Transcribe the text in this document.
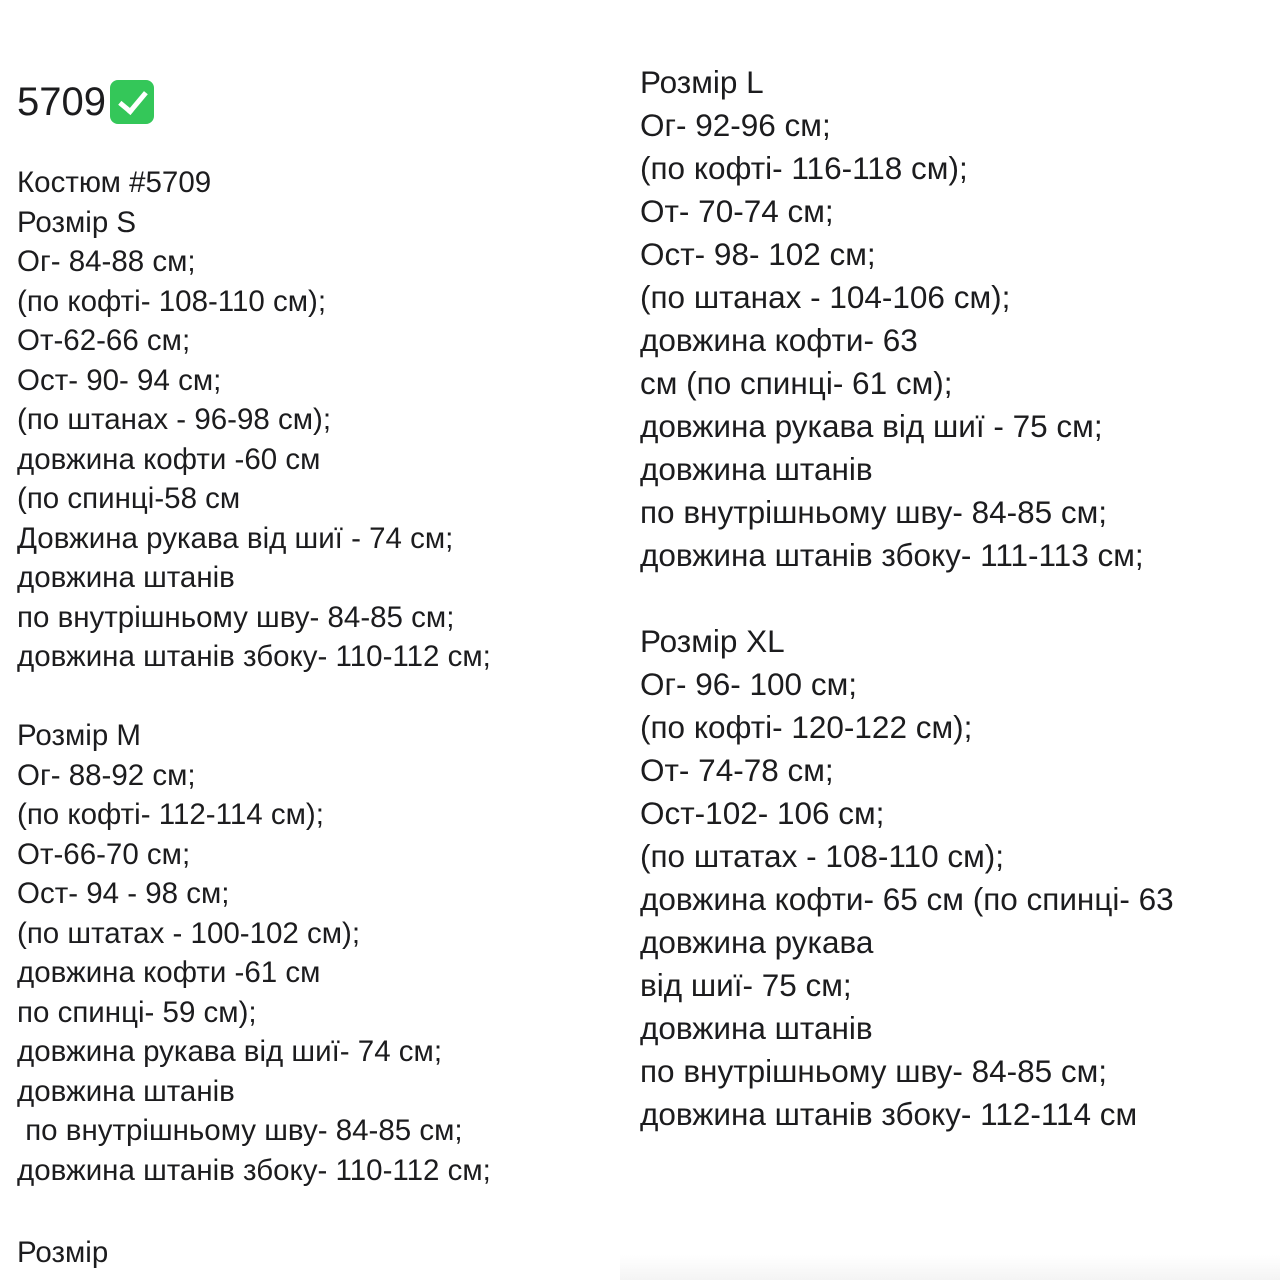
5709
Костюм #5709
Розмір S
Ог- 84-88 см;
(по кофті- 108-110 см);
От-62-66 см;
Ост- 90- 94 см;
(по штанах - 96-98 см);
довжина кофти -60 см
(по спинці-58 см
Довжина рукава від шиї - 74 см;
довжина штанів
по внутрішньому шву- 84-85 см;
довжина штанів збоку- 110-112 см;
Розмір M
Ог- 88-92 см;
(по кофті- 112-114 см);
От-66-70 см;
Ост- 94 - 98 см;
(по штатах - 100-102 см);
довжина кофти -61 см
по спинці- 59 см);
довжина рукава від шиї- 74 см;
довжина штанів
по внутрішньому шву- 84-85 см;
довжина штанів збоку- 110-112 см;
Розмір
Розмір L
Ог- 92-96 см;
(по кофті- 116-118 см);
От- 70-74 см;
Ост- 98- 102 см;
(по штанах - 104-106 см);
довжина кофти- 63
см (по спинці- 61 см);
довжина рукава від шиї - 75 см;
довжина штанів
по внутрішньому шву- 84-85 см;
довжина штанів збоку- 111-113 см;
Розмір XL
Ог- 96- 100 см;
(по кофті- 120-122 см);
От- 74-78 см;
Ост-102- 106 см;
(по штатах - 108-110 см);
довжина кофти- 65 см (по спинці- 63
довжина рукава
від шиї- 75 см;
довжина штанів
по внутрішньому шву- 84-85 см;
довжина штанів збоку- 112-114 см
